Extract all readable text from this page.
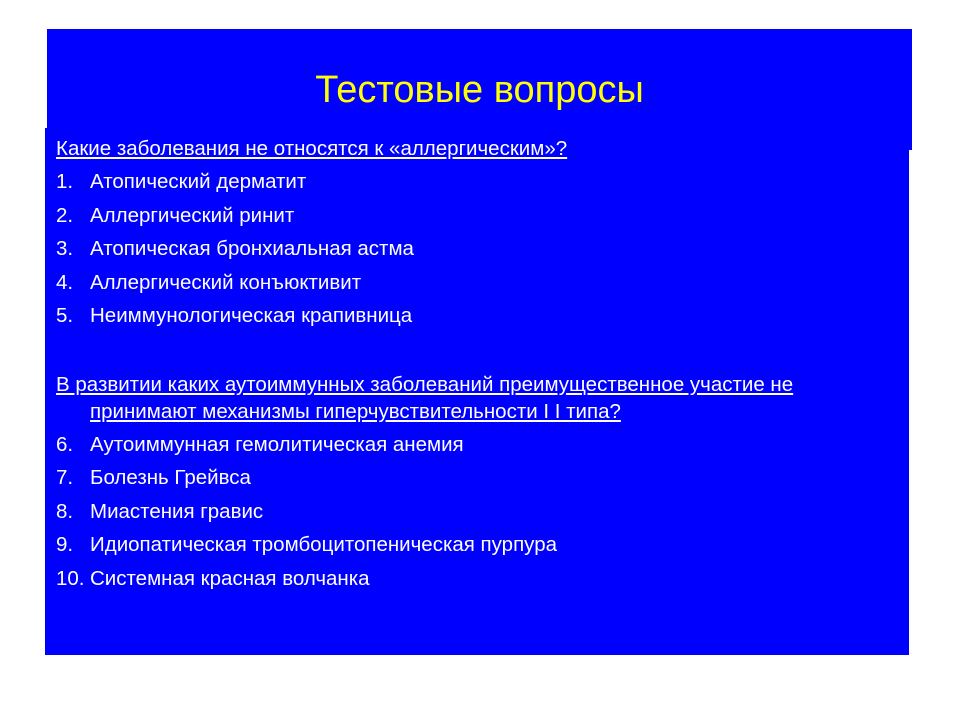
Тестовые вопросы
Какие заболевания не относятся к «аллергическим»?
1. Атопический дерматит
2. Аллергический ринит
3. Атопическая бронхиальная астма
4. Аллергический конъюктивит
5. Неиммунологическая крапивница
В развитии каких аутоиммунных заболеваний преимущественное участие не принимают механизмы гиперчувствительности I I типа?
6. Аутоиммунная гемолитическая анемия
7. Болезнь Грейвса
8. Миастения гравис
9. Идиопатическая тромбоцитопеническая пурпура
10. Системная красная волчанка
